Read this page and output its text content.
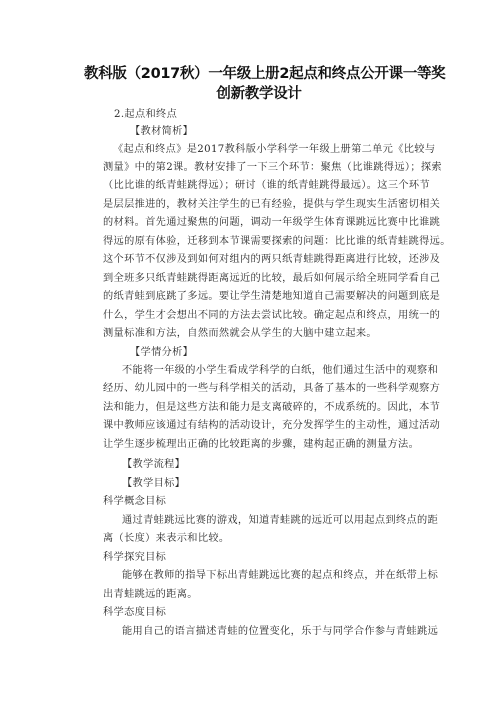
教科版（2017秋）一年级上册2起点和终点公开课一等奖
创新教学设计
2.起点和终点
【教材简析】
《起点和终点》是2017教科版小学科学一年级上册第二单元《比较与
测量》中的第2课。教材安排了一下三个环节：聚焦（比谁跳得远）；探索
（比比谁的纸青蛙跳得远）；研讨（谁的纸青蛙跳得最远）。这三个环节
是层层推进的，教材关注学生的已有经验，提供与学生现实生活密切相关
的材料。首先通过聚焦的问题，调动一年级学生体育课跳远比赛中比谁跳
得远的原有体验，迁移到本节课需要探索的问题：比比谁的纸青蛙跳得远。
这个环节不仅涉及到如何对组内的两只纸青蛙跳得距离进行比较，还涉及
到全班多只纸青蛙跳得距离远近的比较，最后如何展示给全班同学看自己
的纸青蛙到底跳了多远。要让学生清楚地知道自己需要解决的问题到底是
什么，学生才会想出不同的方法去尝试比较。确定起点和终点，用统一的
测量标准和方法，自然而然就会从学生的大脑中建立起来。
【学情分析】
不能将一年级的小学生看成学科学的白纸，他们通过生活中的观察和
经历、幼儿园中的一些与科学相关的活动，具备了基本的一些科学观察方
法和能力，但是这些方法和能力是支离破碎的，不成系统的。因此，本节
课中教师应该通过有结构的活动设计，充分发挥学生的主动性，通过活动
让学生逐步梳理出正确的比较距离的步骤，建构起正确的测量方法。
【教学流程】
【教学目标】
科学概念目标
通过青蛙跳远比赛的游戏，知道青蛙跳的远近可以用起点到终点的距
离（长度）来表示和比较。
科学探究目标
能够在教师的指导下标出青蛙跳远比赛的起点和终点，并在纸带上标
出青蛙跳远的距离。
科学态度目标
能用自己的语言描述青蛙的位置变化，乐于与同学合作参与青蛙跳远
